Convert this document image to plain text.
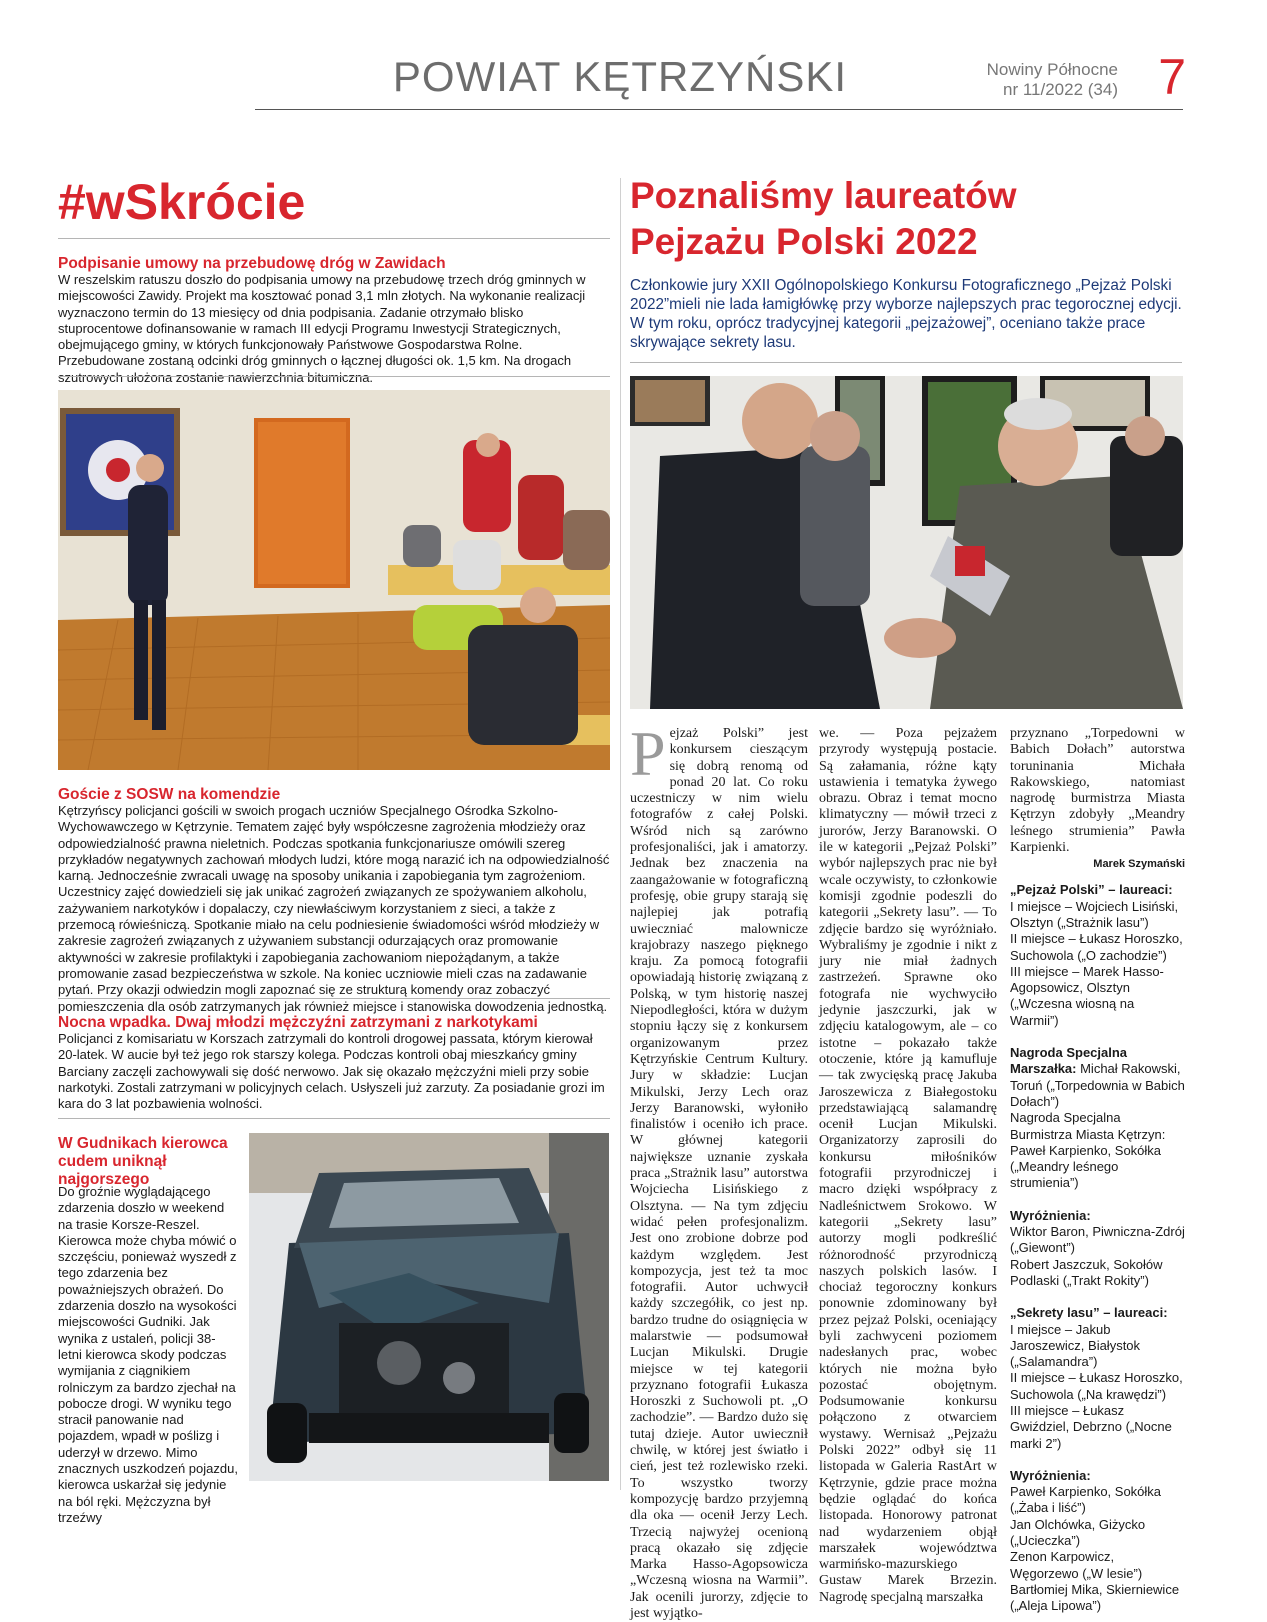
POWIAT KĘTRZYŃSKI	Nowiny Północne
nr 11/2022 (34) 7
#wSkrócie
Podpisanie umowy na przebudowę dróg w Zawidach
W reszelskim ratuszu doszło do podpisania umowy na przebudowę trzech dróg gminnych w miejscowości Zawidy. Projekt ma kosztować ponad 3,1 mln złotych. Na wykonanie realizacji wyznaczono termin do 13 miesięcy od dnia podpisania. Zadanie otrzymało blisko stuprocentowe dofinansowanie w ramach III edycji Programu Inwestycji Strategicznych, obejmującego gminy, w których funkcjonowały Państwowe Gospodarstwa Rolne. Przebudowane zostaną odcinki dróg gminnych o łącznej długości ok. 1,5 km. Na drogach szutrowych ułożona zostanie nawierzchnia bitumiczna.
Goście z SOSW na komendzie
Kętrzyńscy policjanci gościli w swoich progach uczniów Specjalnego Ośrodka Szkolno-Wychowawczego w Kętrzynie. Tematem zajęć były współczesne zagrożenia młodzieży oraz odpowiedzialność prawna nieletnich. Podczas spotkania funkcjonariusze omówili szereg przykładów negatywnych zachowań młodych ludzi, które mogą narazić ich na odpowiedzialność karną. Jednocześnie zwracali uwagę na sposoby unikania i zapobiegania tym zagrożeniom. Uczestnicy zajęć dowiedzieli się jak unikać zagrożeń związanych ze spożywaniem alkoholu, zażywaniem narkotyków i dopalaczy, czy niewłaściwym korzystaniem z sieci, a także z przemocą rówieśniczą. Spotkanie miało na celu podniesienie świadomości wśród młodzieży w zakresie zagrożeń związanych z używaniem substancji odurzających oraz promowanie aktywności w zakresie profilaktyki i zapobiegania zachowaniom niepożądanym, a także promowanie zasad bezpieczeństwa w szkole. Na koniec uczniowie mieli czas na zadawanie pytań. Przy okazji odwiedzin mogli zapoznać się ze strukturą komendy oraz zobaczyć pomieszczenia dla osób zatrzymanych jak również miejsce i stanowiska dowodzenia jednostką.
Nocna wpadka. Dwaj młodzi mężczyźni zatrzymani z narkotykami
Policjanci z komisariatu w Korszach zatrzymali do kontroli drogowej passata, którym kierował 20-latek. W aucie był też jego rok starszy kolega. Podczas kontroli obaj mieszkańcy gminy Barciany zaczęli zachowywali się dość nerwowo. Jak się okazało mężczyźni mieli przy sobie narkotyki. Zostali zatrzymani w policyjnych celach. Usłyszeli już zarzuty. Za posiadanie grozi im kara do 3 lat pozbawienia wolności.
W Gudnikach kierowca cudem uniknął najgorszego
Do groźnie wyglądającego zdarzenia doszło w weekend na trasie Korsze-Reszel. Kierowca może chyba mówić o szczęściu, ponieważ wyszedł z tego zdarzenia bez poważniejszych obrażeń. Do zdarzenia doszło na wysokości miejscowości Gudniki. Jak wynika z ustaleń, policji 38-letni kierowca skody podczas wymijania z ciągnikiem rolniczym za bardzo zjechał na pobocze drogi. W wyniku tego stracił panowanie nad pojazdem, wpadł w poślizg i uderzył w drzewo. Mimo znacznych uszkodzeń pojazdu, kierowca uskarżał się jedynie na ból ręki. Mężczyzna był trzeźwy
Poznaliśmy laureatów
Pejzażu Polski 2022
Członkowie jury XXII Ogólnopolskiego Konkursu Fotograficznego „Pejzaż Polski 2022”mieli nie lada łamigłówkę przy wyborze najlepszych prac tegorocznej edycji. W tym roku, oprócz tradycyjnej kategorii „pejzażowej”, oceniano także prace skrywające sekrety lasu.
P ejzaż Polski” jest konkursem cieszącym się dobrą renomą od ponad 20 lat. Co roku uczestniczy w nim wielu fotografów z całej Polski. Wśród nich są zarówno profesjonaliści, jak i amatorzy. Jednak bez znaczenia na zaangażowanie w fotograficzną profesję, obie grupy starają się najlepiej jak potrafią uwieczniać malownicze krajobrazy naszego pięknego kraju. Za pomocą fotografii opowiadają historię związaną z Polską, w tym historię naszej Niepodległości, która w dużym stopniu łączy się z konkursem organizowanym przez Kętrzyńskie Centrum Kultury. Jury w składzie: Lucjan Mikulski, Jerzy Lech oraz Jerzy Baranowski, wyłoniło finalistów i oceniło ich prace. W głównej kategorii największe uznanie zyskała praca „Strażnik lasu” autorstwa Wojciecha Lisińskiego z Olsztyna. — Na tym zdjęciu widać pełen profesjonalizm. Jest ono zrobione dobrze pod każdym względem. Jest kompozycja, jest też ta moc fotografii. Autor uchwycił każdy szczegółik, co jest np. bardzo trudne do osiągnięcia w malarstwie — podsumował Lucjan Mikulski. Drugie miejsce w tej kategorii przyznano fotografii Łukasza Horoszki z Suchowoli pt. „O zachodzie”. — Bardzo dużo się tutaj dzieje. Autor uwiecznił chwilę, w której jest światło i cień, jest też rozlewisko rzeki. To wszystko tworzy kompozycję bardzo przyjemną dla oka — ocenił Jerzy Lech. Trzecią najwyżej ocenioną pracą okazało się zdjęcie Marka Hasso-Agopsowicza „Wczesną wiosna na Warmii”. Jak ocenili jurorzy, zdjęcie to jest wyjątko-
we. — Poza pejzażem przyrody występują postacie. Są załamania, różne kąty ustawienia i tematyka żywego obrazu. Obraz i temat mocno klimatyczny — mówił trzeci z jurorów, Jerzy Baranowski. O ile w kategorii „Pejzaż Polski” wybór najlepszych prac nie był wcale oczywisty, to członkowie komisji zgodnie podeszli do kategorii „Sekrety lasu”. — To zdjęcie bardzo się wyróżniało. Wybraliśmy je zgodnie i nikt z jury nie miał żadnych zastrzeżeń. Sprawne oko fotografa nie wychwyciło jedynie jaszczurki, jak w zdjęciu katalogowym, ale – co istotne – pokazało także otoczenie, które ją kamufluje — tak zwycięską pracę Jakuba Jaroszewicza z Białegostoku przedstawiającą salamandrę ocenił Lucjan Mikulski. Organizatorzy zaprosili do konkursu miłośników fotografii przyrodniczej i macro dzięki współpracy z Nadleśnictwem Srokowo. W kategorii „Sekrety lasu” autorzy mogli podkreślić różnorodność przyrodniczą naszych polskich lasów. I chociaż tegoroczny konkurs ponownie zdominowany był przez pejzaż Polski, oceniający byli zachwyceni poziomem nadesłanych prac, wobec których nie można było pozostać obojętnym. Podsumowanie konkursu połączono z otwarciem wystawy. Wernisaż „Pejzażu Polski 2022” odbył się 11 listopada w Galeria RastArt w Kętrzynie, gdzie prace można będzie oglądać do końca listopada. Honorowy patronat nad wydarzeniem objął marszałek województwa warmińsko-mazurskiego Gustaw Marek Brzezin. Nagrodę specjalną marszałka

przyznano „Torpedowni w Babich Dołach” autorstwa toruninania Michała Rakowskiego, natomiast nagrodę burmistrza Miasta Kętrzyn zdobyły „Meandry leśnego strumienia” Pawła Karpienki.

Marek Szymański

„Pejzaż Polski” – laureaci:
I miejsce – Wojciech Lisiński, Olsztyn („Strażnik lasu”)
II miejsce – Łukasz Horoszko, Suchowola („O zachodzie”)
III miejsce – Marek Hasso-Agopsowicz, Olsztyn („Wczesna wiosną na Warmii”)
Nagroda Specjalna Marszałka: Michał Rakowski, Toruń („Torpedownia w Babich Dołach”)
Nagroda Specjalna Burmistrza Miasta Kętrzyn: Paweł Karpienko, Sokółka („Meandry leśnego strumienia”)
Wyróżnienia:
Wiktor Baron, Piwniczna-Zdrój („Giewont”)
Robert Jaszczuk, Sokołów Podlaski („Trakt Rokity”)
„Sekrety lasu” – laureaci:
I miejsce – Jakub Jaroszewicz, Białystok („Salamandra”)
II miejsce – Łukasz Horoszko, Suchowola („Na krawędzi”)
III miejsce – Łukasz Gwiździel, Debrzno („Nocne marki 2”)
Wyróżnienia:
Paweł Karpienko, Sokółka („Żaba i liść”)
Jan Olchówka, Giżycko („Ucieczka”)
Zenon Karpowicz, Węgorzewo („W lesie”)
Bartłomiej Mika, Skierniewice („Aleja Lipowa”)
